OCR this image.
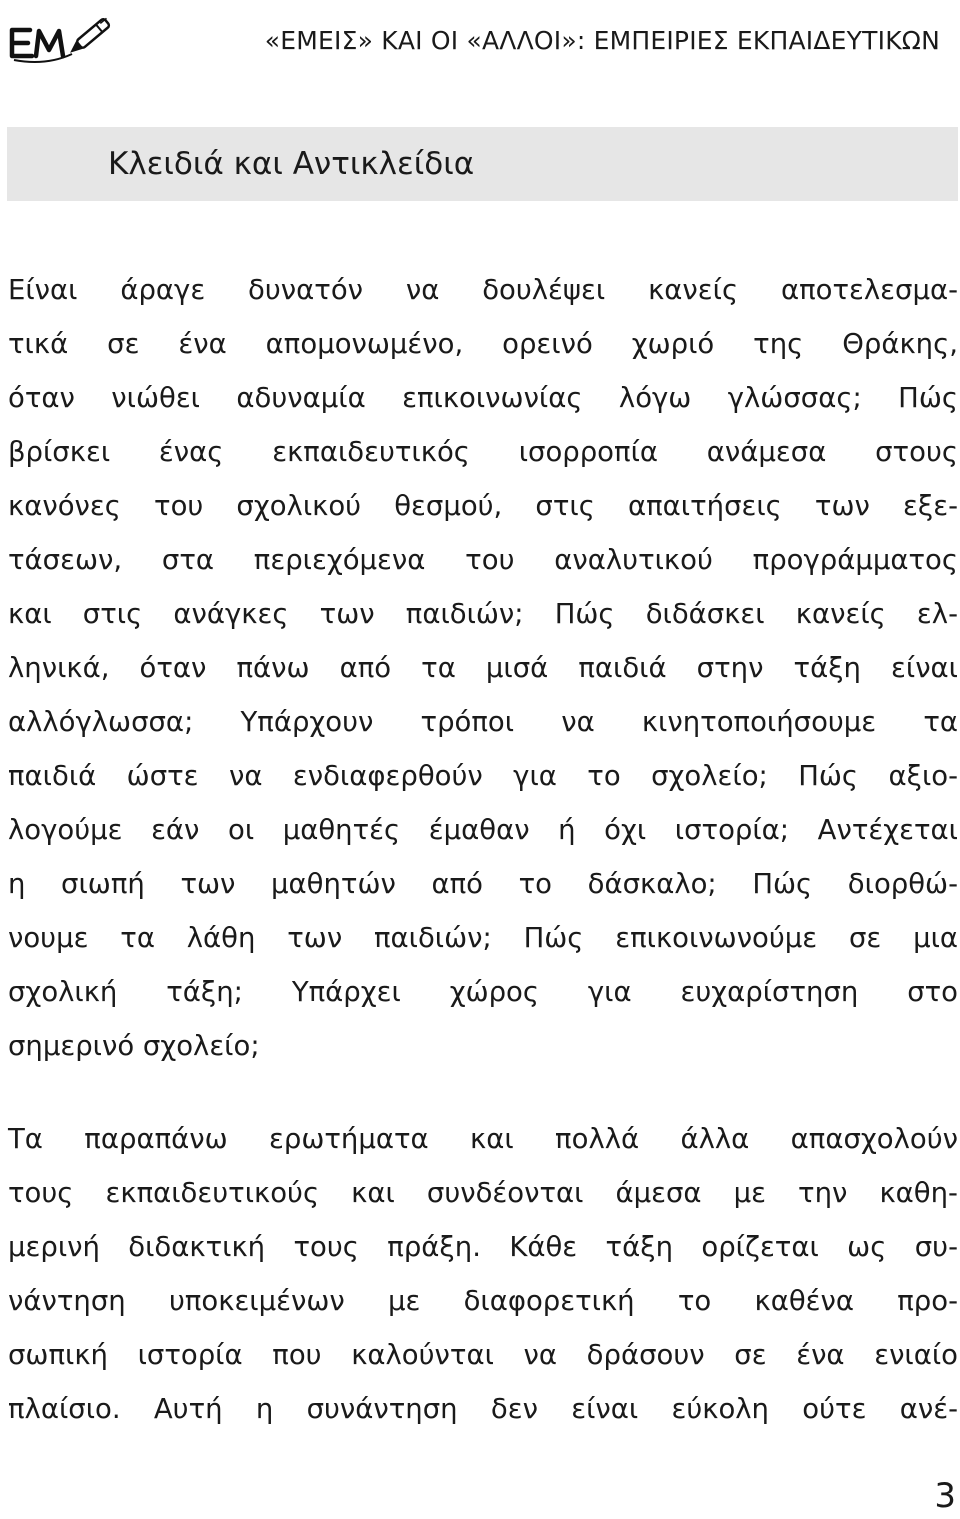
«ΕΜΕΙΣ» ΚΑΙ ΟΙ «ΑΛΛΟΙ»: ΕΜΠΕΙΡΙΕΣ ΕΚΠΑΙΔΕΥΤΙΚΩΝ
Κλειδιά και Αντικλείδια
Είναι άραγε δυνατόν να δουλέψει κανείς αποτελεσμα-
τικά σε ένα απομονωμένο, ορεινό χωριό της Θράκης,
όταν νιώθει αδυναμία επικοινωνίας λόγω γλώσσας; Πώς
βρίσκει ένας εκπαιδευτικός ισορροπία ανάμεσα στους
κανόνες του σχολικού θεσμού, στις απαιτήσεις των εξε-
τάσεων, στα περιεχόμενα του αναλυτικού προγράμματος
και στις ανάγκες των παιδιών; Πώς διδάσκει κανείς ελ-
ληνικά, όταν πάνω από τα μισά παιδιά στην τάξη είναι
αλλόγλωσσα; Υπάρχουν τρόποι να κινητοποιήσουμε τα
παιδιά ώστε να ενδιαφερθούν για το σχολείο; Πώς αξιο-
λογούμε εάν οι μαθητές έμαθαν ή όχι ιστορία; Αντέχεται
η σιωπή των μαθητών από το δάσκαλο; Πώς διορθώ-
νουμε τα λάθη των παιδιών; Πώς επικοινωνούμε σε μια
σχολική τάξη; Υπάρχει χώρος για ευχαρίστηση στο
σημερινό σχολείο;
Τα παραπάνω ερωτήματα και πολλά άλλα απασχολούν
τους εκπαιδευτικούς και συνδέονται άμεσα με την καθη-
μερινή διδακτική τους πράξη. Κάθε τάξη ορίζεται ως συ-
νάντηση υποκειμένων με διαφορετική το καθένα προ-
σωπική ιστορία που καλούνται να δράσουν σε ένα ενιαίο
πλαίσιο. Αυτή η συνάντηση δεν είναι εύκολη ούτε ανέ-
3
